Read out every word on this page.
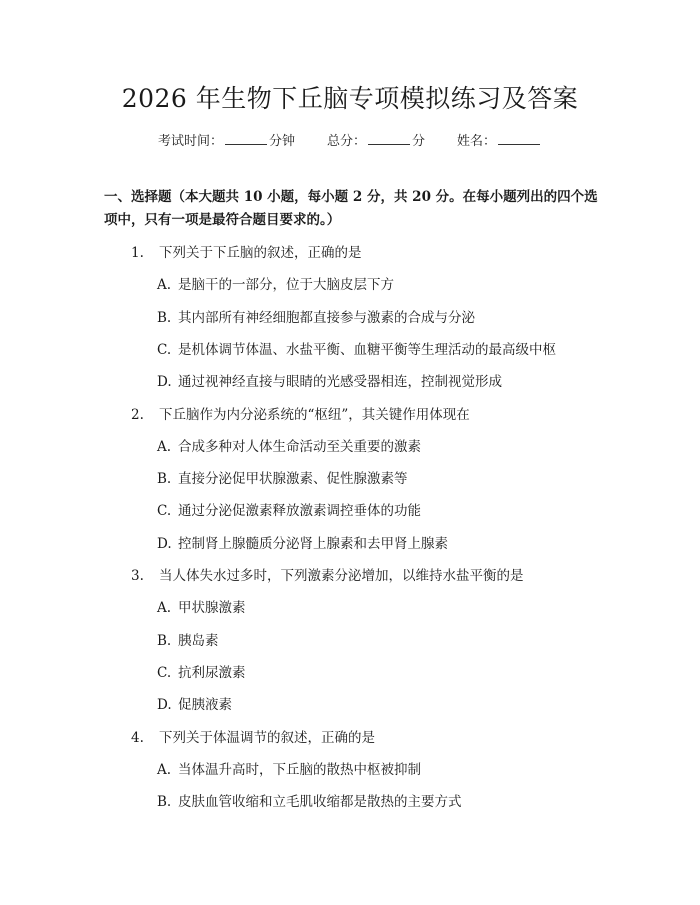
2026 年生物下丘脑专项模拟练习及答案
考试时间：	分钟 总分：	分 姓名：
一、选择题（本大题共 10 小题，每小题 2 分，共 20 分。在每小题列出的四个选
项中，只有一项是最符合题目要求的。）
1. 下列关于下丘脑的叙述，正确的是
A. 是脑干的一部分，位于大脑皮层下方
B. 其内部所有神经细胞都直接参与激素的合成与分泌
C. 是机体调节体温、水盐平衡、血糖平衡等生理活动的最高级中枢
D. 通过视神经直接与眼睛的光感受器相连，控制视觉形成
2. 下丘脑作为内分泌系统的“枢纽”，其关键作用体现在
A. 合成多种对人体生命活动至关重要的激素
B. 直接分泌促甲状腺激素、促性腺激素等
C. 通过分泌促激素释放激素调控垂体的功能
D. 控制肾上腺髓质分泌肾上腺素和去甲肾上腺素
3. 当人体失水过多时，下列激素分泌增加，以维持水盐平衡的是
A. 甲状腺激素
B. 胰岛素
C. 抗利尿激素
D. 促胰液素
4. 下列关于体温调节的叙述，正确的是
A. 当体温升高时，下丘脑的散热中枢被抑制
B. 皮肤血管收缩和立毛肌收缩都是散热的主要方式
